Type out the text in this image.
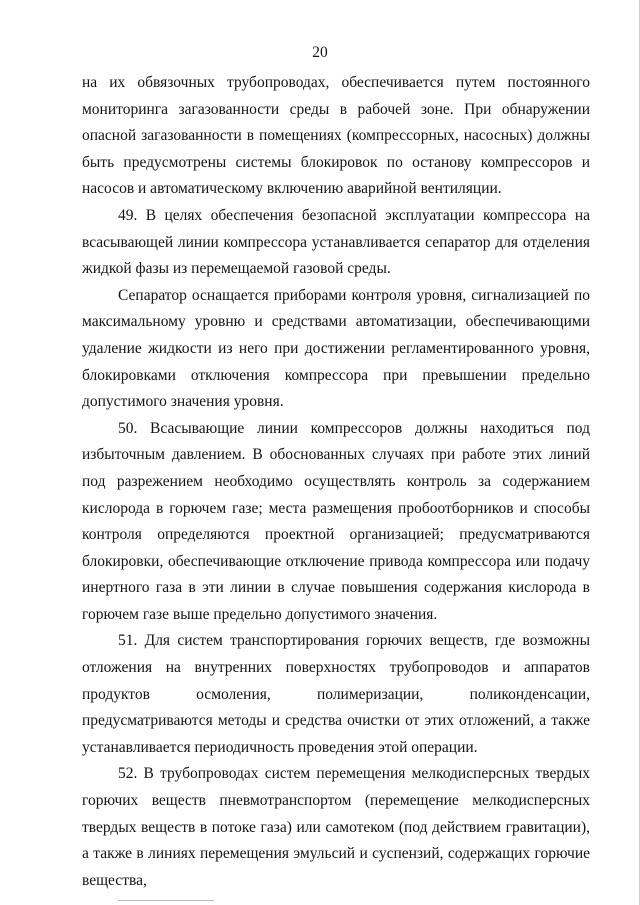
20

на их обвязочных трубопроводах, обеспечивается путем постоянного мониторинга загазованности среды в рабочей зоне. При обнаружении опасной загазованности в помещениях (компрессорных, насосных) должны быть предусмотрены системы блокировок по останову компрессоров и насосов и автоматическому включению аварийной вентиляции.

49. В целях обеспечения безопасной эксплуатации компрессора на всасывающей линии компрессора устанавливается сепаратор для отделения жидкой фазы из перемещаемой газовой среды.

Сепаратор оснащается приборами контроля уровня, сигнализацией по максимальному уровню и средствами автоматизации, обеспечивающими удаление жидкости из него при достижении регламентированного уровня, блокировками отключения компрессора при превышении предельно допустимого значения уровня.

50. Всасывающие линии компрессоров должны находиться под избыточным давлением. В обоснованных случаях при работе этих линий под разрежением необходимо осуществлять контроль за содержанием кислорода в горючем газе; места размещения пробоотборников и способы контроля определяются проектной организацией; предусматриваются блокировки, обеспечивающие отключение привода компрессора или подачу инертного газа в эти линии в случае повышения содержания кислорода в горючем газе выше предельно допустимого значения.

51. Для систем транспортирования горючих веществ, где возможны отложения на внутренних поверхностях трубопроводов и аппаратов продуктов осмоления, полимеризации, поликонденсации, предусматриваются методы и средства очистки от этих отложений, а также устанавливается периодичность проведения этой операции.

52. В трубопроводах систем перемещения мелкодисперсных твердых горючих веществ пневмотранспортом (перемещение мелкодисперсных твердых веществ в потоке газа) или самотеком (под действием гравитации), а также в линиях перемещения эмульсий и суспензий, содержащих горючие вещества,
